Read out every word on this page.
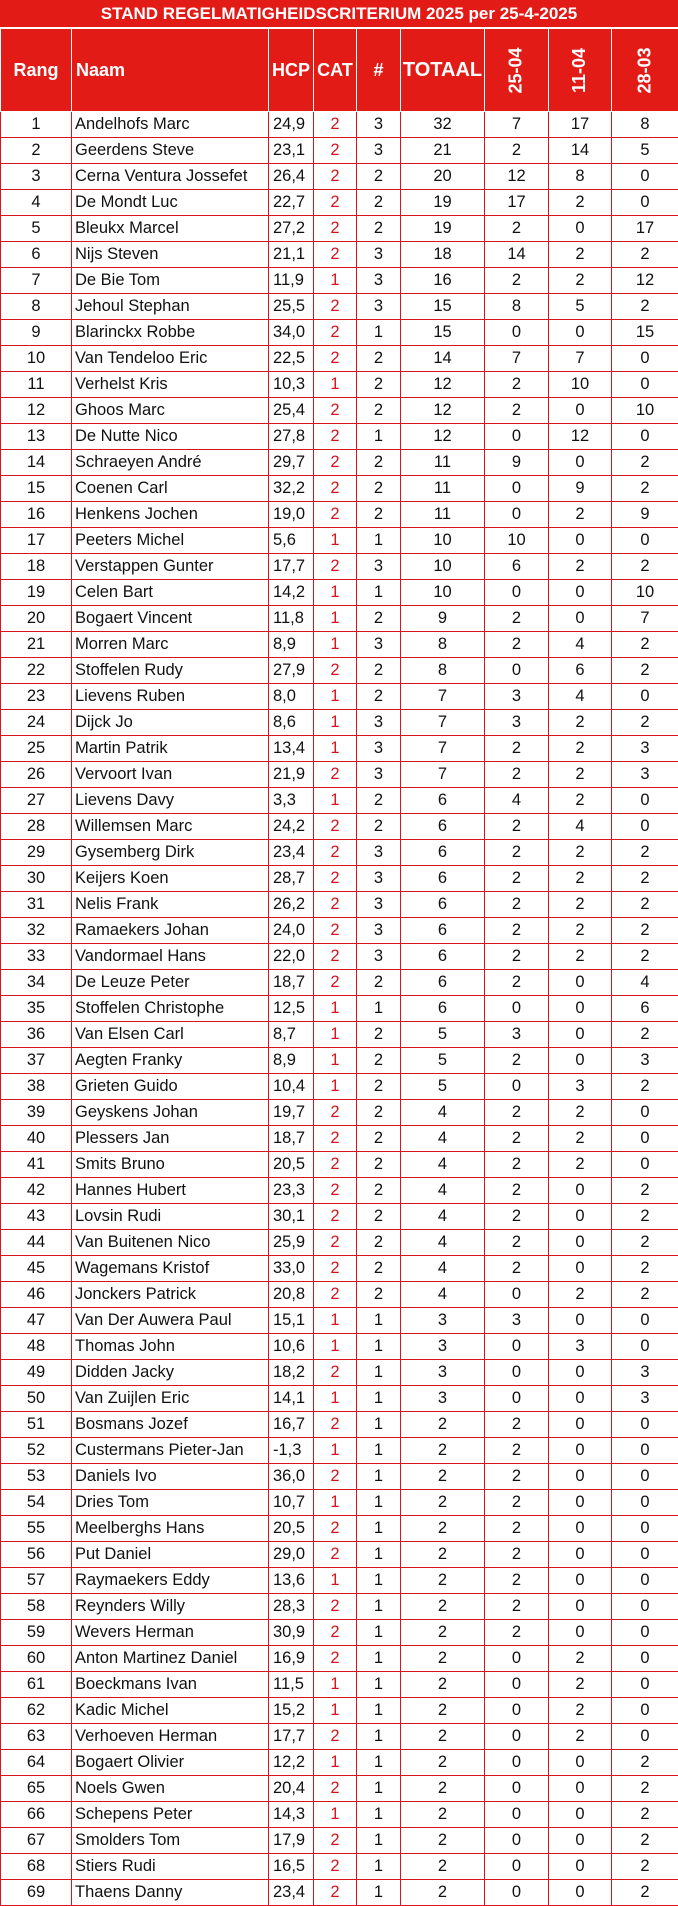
STAND REGELMATIGHEIDSCRITERIUM 2025 per 25-4-2025
Rang	Naam	HCP	CAT	#	TOTAAL	25-04	11-04	28-03
1	Andelhofs Marc	24,9	2	3	32	7	17	8
2	Geerdens Steve	23,1	2	3	21	2	14	5
3	Cerna Ventura Jossefet	26,4	2	2	20	12	8	0
4	De Mondt Luc	22,7	2	2	19	17	2	0
5	Bleukx Marcel	27,2	2	2	19	2	0	17
6	Nijs Steven	21,1	2	3	18	14	2	2
7	De Bie Tom	11,9	1	3	16	2	2	12
8	Jehoul Stephan	25,5	2	3	15	8	5	2
9	Blarinckx Robbe	34,0	2	1	15	0	0	15
10	Van Tendeloo Eric	22,5	2	2	14	7	7	0
11	Verhelst Kris	10,3	1	2	12	2	10	0
12	Ghoos Marc	25,4	2	2	12	2	0	10
13	De Nutte Nico	27,8	2	1	12	0	12	0
14	Schraeyen André	29,7	2	2	11	9	0	2
15	Coenen Carl	32,2	2	2	11	0	9	2
16	Henkens Jochen	19,0	2	2	11	0	2	9
17	Peeters Michel	5,6	1	1	10	10	0	0
18	Verstappen Gunter	17,7	2	3	10	6	2	2
19	Celen Bart	14,2	1	1	10	0	0	10
20	Bogaert Vincent	11,8	1	2	9	2	0	7
21	Morren Marc	8,9	1	3	8	2	4	2
22	Stoffelen Rudy	27,9	2	2	8	0	6	2
23	Lievens Ruben	8,0	1	2	7	3	4	0
24	Dijck Jo	8,6	1	3	7	3	2	2
25	Martin Patrik	13,4	1	3	7	2	2	3
26	Vervoort Ivan	21,9	2	3	7	2	2	3
27	Lievens Davy	3,3	1	2	6	4	2	0
28	Willemsen Marc	24,2	2	2	6	2	4	0
29	Gysemberg Dirk	23,4	2	3	6	2	2	2
30	Keijers Koen	28,7	2	3	6	2	2	2
31	Nelis Frank	26,2	2	3	6	2	2	2
32	Ramaekers Johan	24,0	2	3	6	2	2	2
33	Vandormael Hans	22,0	2	3	6	2	2	2
34	De Leuze Peter	18,7	2	2	6	2	0	4
35	Stoffelen Christophe	12,5	1	1	6	0	0	6
36	Van Elsen Carl	8,7	1	2	5	3	0	2
37	Aegten Franky	8,9	1	2	5	2	0	3
38	Grieten Guido	10,4	1	2	5	0	3	2
39	Geyskens Johan	19,7	2	2	4	2	2	0
40	Plessers Jan	18,7	2	2	4	2	2	0
41	Smits Bruno	20,5	2	2	4	2	2	0
42	Hannes Hubert	23,3	2	2	4	2	0	2
43	Lovsin Rudi	30,1	2	2	4	2	0	2
44	Van Buitenen Nico	25,9	2	2	4	2	0	2
45	Wagemans Kristof	33,0	2	2	4	2	0	2
46	Jonckers Patrick	20,8	2	2	4	0	2	2
47	Van Der Auwera Paul	15,1	1	1	3	3	0	0
48	Thomas John	10,6	1	1	3	0	3	0
49	Didden Jacky	18,2	2	1	3	0	0	3
50	Van Zuijlen Eric	14,1	1	1	3	0	0	3
51	Bosmans Jozef	16,7	2	1	2	2	0	0
52	Custermans Pieter-Jan	-1,3	1	1	2	2	0	0
53	Daniels Ivo	36,0	2	1	2	2	0	0
54	Dries Tom	10,7	1	1	2	2	0	0
55	Meelberghs Hans	20,5	2	1	2	2	0	0
56	Put Daniel	29,0	2	1	2	2	0	0
57	Raymaekers Eddy	13,6	1	1	2	2	0	0
58	Reynders Willy	28,3	2	1	2	2	0	0
59	Wevers Herman	30,9	2	1	2	2	0	0
60	Anton Martinez Daniel	16,9	2	1	2	0	2	0
61	Boeckmans Ivan	11,5	1	1	2	0	2	0
62	Kadic Michel	15,2	1	1	2	0	2	0
63	Verhoeven Herman	17,7	2	1	2	0	2	0
64	Bogaert Olivier	12,2	1	1	2	0	0	2
65	Noels Gwen	20,4	2	1	2	0	0	2
66	Schepens Peter	14,3	1	1	2	0	0	2
67	Smolders Tom	17,9	2	1	2	0	0	2
68	Stiers Rudi	16,5	2	1	2	0	0	2
69	Thaens Danny	23,4	2	1	2	0	0	2
